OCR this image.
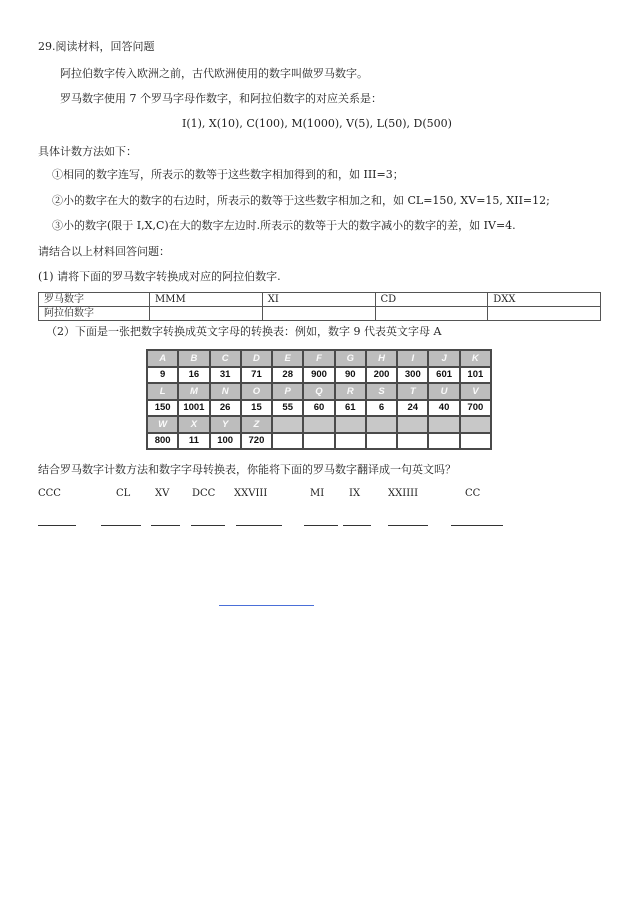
29.阅读材料，回答问题
阿拉伯数字传入欧洲之前，古代欧洲使用的数字叫做罗马数字。
罗马数字使用 7 个罗马字母作数字，和阿拉伯数字的对应关系是：
I(1), X(10), C(100), M(1000), V(5), L(50), D(500)
具体计数方法如下：
①相同的数字连写，所表示的数等于这些数字相加得到的和，如 III=3；
②小的数字在大的数字的右边时，所表示的数等于这些数字相加之和，如 CL=150, XV=15, XII=12;
③小的数字(限于 I,X,C)在大的数字左边时.所表示的数等于大的数字减小的数字的差，如 IV=4.
请结合以上材料回答问题：
(1) 请将下面的罗马数字转换成对应的阿拉伯数字.
罗马数字	MMM	XI	CD	DXX
阿拉伯数字				
（2）下面是一张把数字转换成英文字母的转换表：例如，数字 9 代表英文字母 A
A	B	C	D	E	F	G	H	I	J	K
9	16	31	71	28	900	90	200	300	601	101
L	M	N	O	P	Q	R	S	T	U	V
150	1001	26	15	55	60	61	6	24	40	700
W	X	Y	Z
800	11	100	720
结合罗马数字计数方法和数字字母转换表，你能将下面的罗马数字翻译成一句英文吗？
CCC	CL XV DCC XXVIII	MI IX	XXIIII	CC
